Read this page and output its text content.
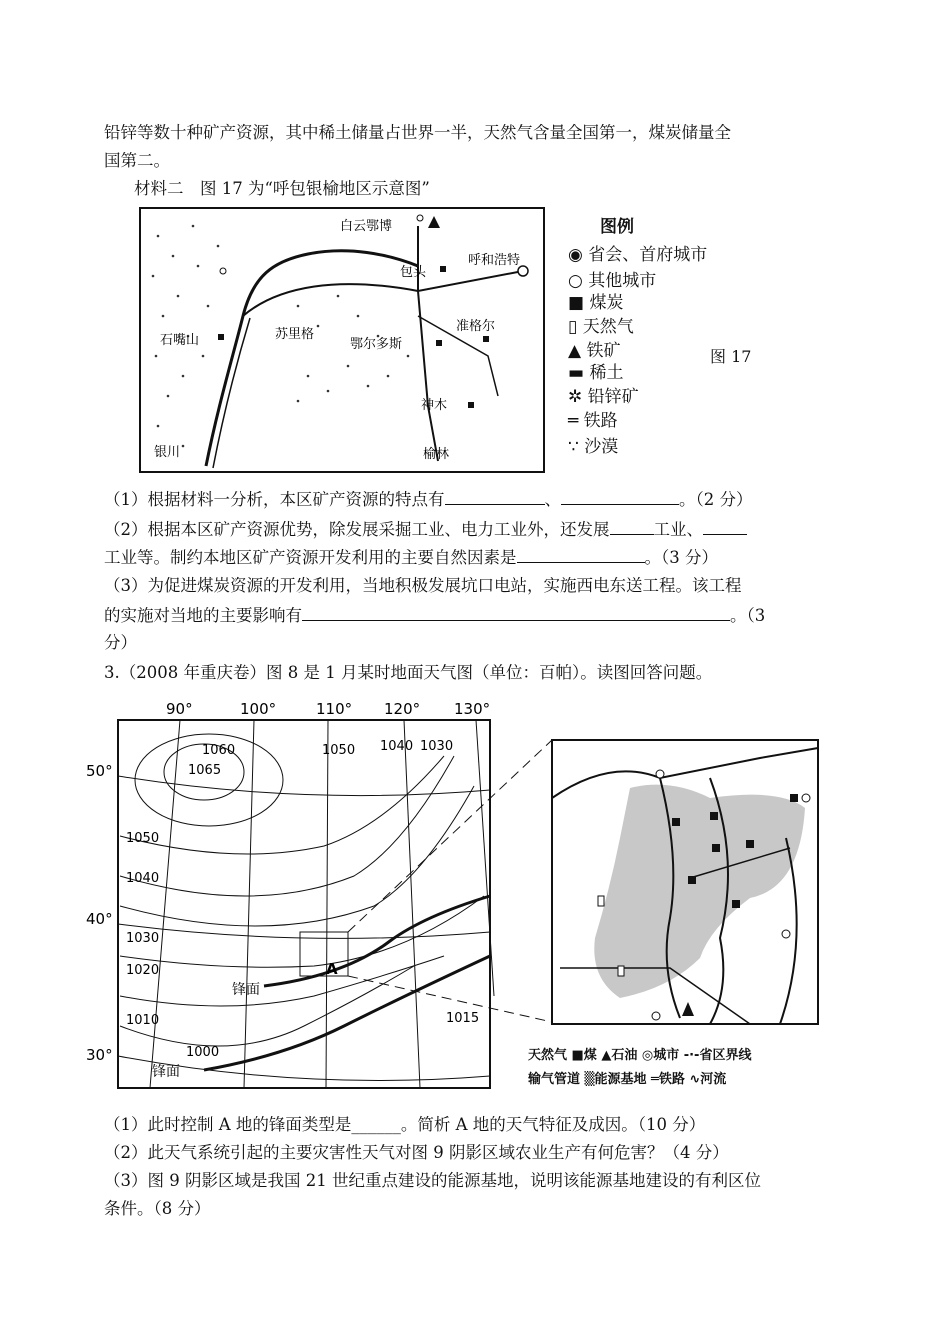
铅锌等数十种矿产资源，其中稀土储量占世界一半，天然气含量全国第一，煤炭储量全
国第二。
材料二　图 17 为“呼包银榆地区示意图”
白云鄂博
呼和浩特
包头
准格尔
苏里格
石嘴山	鄂尔多斯
神木
银川	榆林
图例
◉ 省会、首府城市
○ 其他城市
■ 煤炭
▯ 天然气
▲ 铁矿
▬ 稀土
✲ 铅锌矿
═ 铁路
∵ 沙漠
图 17
（1）根据材料一分析，本区矿产资源的特点有	、	。（2 分）
（2）根据本区矿产资源优势，除发展采掘工业、电力工业外，还发展	工业、
工业等。制约本地区矿产资源开发利用的主要自然因素是	。（3 分）
（3）为促进煤炭资源的开发利用，当地积极发展坑口电站，实施西电东送工程。该工程
的实施对当地的主要影响有	。（3
分）
3.（2008 年重庆卷）图 8 是 1 月某时地面天气图（单位：百帕）。读图回答问题。
90°	100°	110° 120° 130°
50°
40°
30°
1060
1065
1050 1040 1030
1050
1040
1030
1020
1010
1000
1015
锋面
锋面
A
天然气 ■煤 ▲石油 ◎城市 -·-省区界线
输气管道 ▒能源基地 ═铁路 ∿河流
（1）此时控制 A 地的锋面类型是______。简析 A 地的天气特征及成因。（10 分）
（2）此天气系统引起的主要灾害性天气对图 9 阴影区域农业生产有何危害？（4 分）
（3）图 9 阴影区域是我国 21 世纪重点建设的能源基地，说明该能源基地建设的有利区位
条件。（8 分）
